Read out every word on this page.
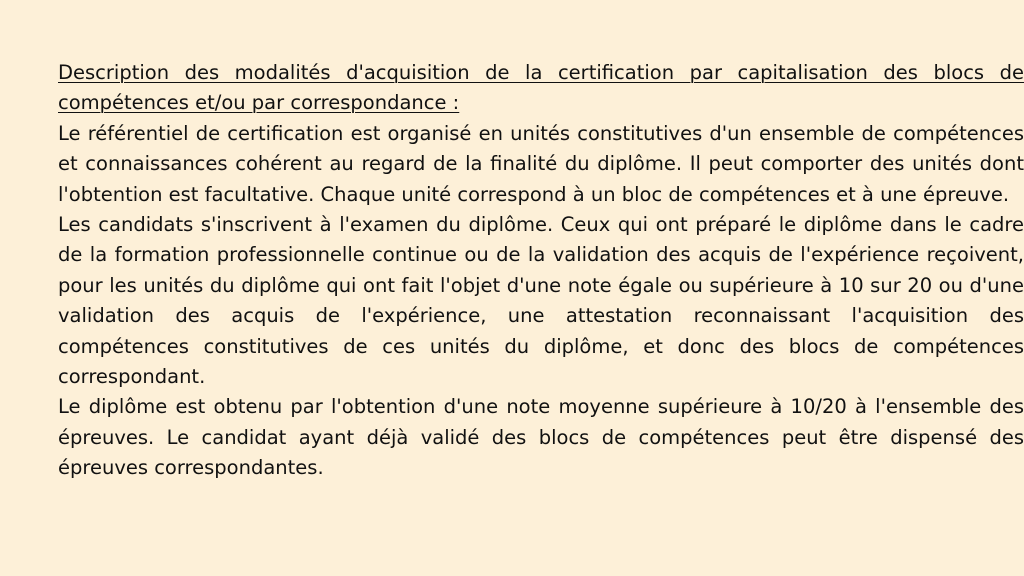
Description des modalités d'acquisition de la certification par capitalisation des blocs de compétences et/ou par correspondance :

Le référentiel de certification est organisé en unités constitutives d'un ensemble de compétences et connaissances cohérent au regard de la finalité du diplôme. Il peut comporter des unités dont l'obtention est facultative. Chaque unité correspond à un bloc de compétences et à une épreuve.

Les candidats s'inscrivent à l'examen du diplôme. Ceux qui ont préparé le diplôme dans le cadre de la formation professionnelle continue ou de la validation des acquis de l'expérience reçoivent, pour les unités du diplôme qui ont fait l'objet d'une note égale ou supérieure à 10 sur 20 ou d'une validation des acquis de l'expérience, une attestation reconnaissant l'acquisition des compétences constitutives de ces unités du diplôme, et donc des blocs de compétences correspondant.

Le diplôme est obtenu par l'obtention d'une note moyenne supérieure à 10/20 à l'ensemble des épreuves. Le candidat ayant déjà validé des blocs de compétences peut être dispensé des épreuves correspondantes.
